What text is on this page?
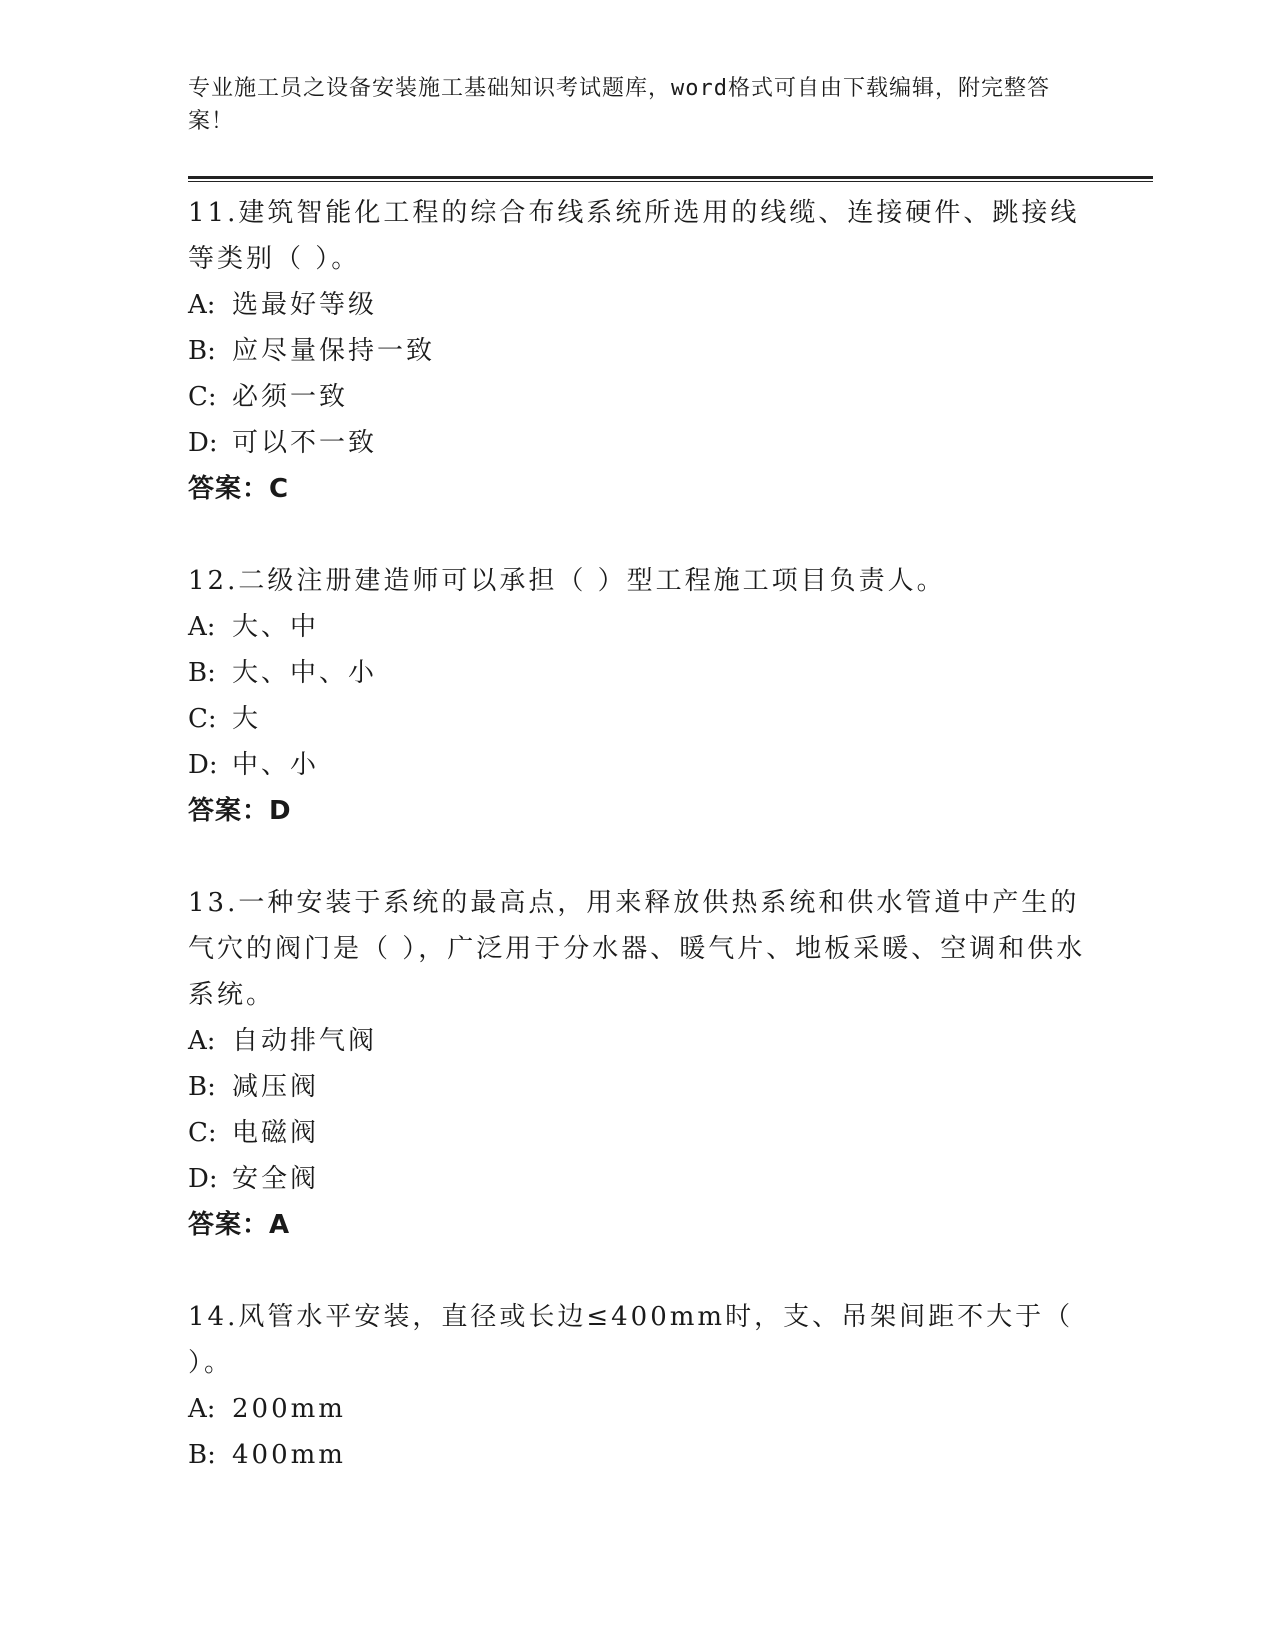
专业施工员之设备安装施工基础知识考试题库，word格式可自由下载编辑，附完整答案！
11.建筑智能化工程的综合布线系统所选用的线缆、连接硬件、跳接线等类别（ ）。
A : 选最好等级
B : 应尽量保持一致
C : 必须一致
D : 可以不一致
答案：C
12.二级注册建造师可以承担（ ）型工程施工项目负责人。
A : 大、中
B : 大、中、小
C : 大
D : 中、小
答案：D
13.一种安装于系统的最高点，用来释放供热系统和供水管道中产生的气穴的阀门是（ ），广泛用于分水器、暖气片、地板采暖、空调和供水系统。
A : 自动排气阀
B : 减压阀
C : 电磁阀
D : 安全阀
答案：A
14.风管水平安装，直径或长边≤400mm时，支、吊架间距不大于（ ）。
A : 200mm
B : 400mm
